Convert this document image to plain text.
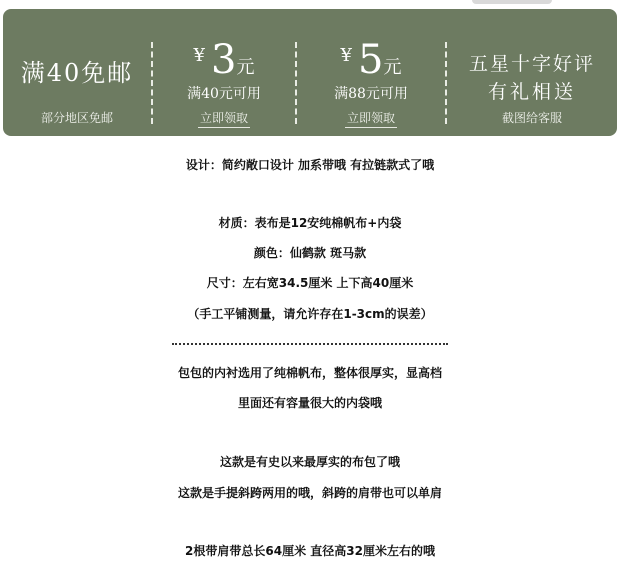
满40免邮
部分地区免邮
¥ 3元
满40元可用
立即领取
¥ 5元
满88元可用
立即领取
五星十字好评
有礼相送
截图给客服
设计：简约敞口设计 加系带哦 有拉链款式了哦
材质：表布是12安纯棉帆布+内袋
颜色：仙鹤款 斑马款
尺寸：左右宽34.5厘米 上下高40厘米
（手工平铺测量，请允许存在1-3cm的误差）
包包的内衬选用了纯棉帆布，整体很厚实，显高档
里面还有容量很大的内袋哦
这款是有史以来最厚实的布包了哦
这款是手提斜跨两用的哦，斜跨的肩带也可以单肩
2根带肩带总长64厘米 直径高32厘米左右的哦
